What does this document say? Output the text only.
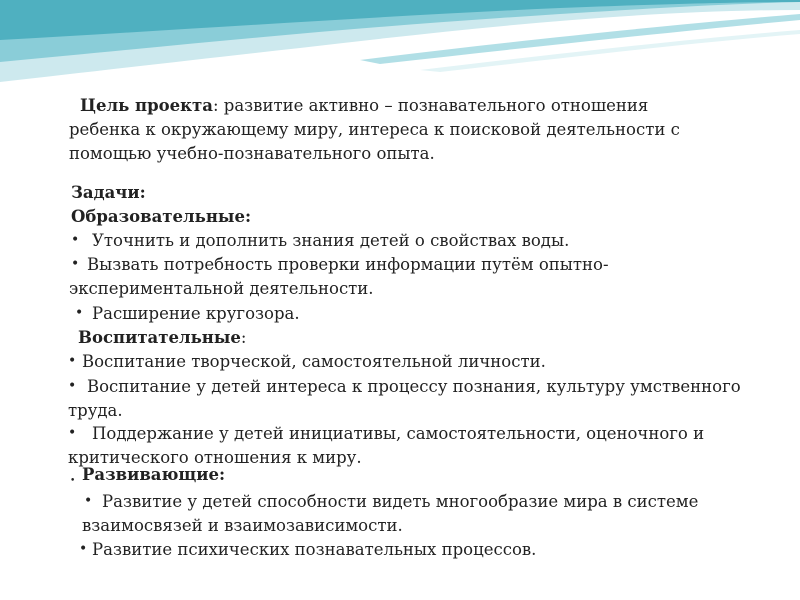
Цель проекта: развитие активно – познавательного отношения
ребенка к окружающему миру, интереса к поисковой деятельности с
помощью учебно-познавательного опыта.
Задачи:
Образовательные:
• Уточнить и дополнить знания детей о свойствах воды.
• Вызвать потребность проверки информации путём опытно-
экспериментальной деятельности.
• Расширение кругозора.
Воспитательные:
• Воспитание творческой, самостоятельной личности.
• Воспитание у детей интереса к процессу познания, культуру умственного
труда.
• Поддержание у детей инициативы, самостоятельности, оценочного и
критического отношения к миру.
• Развивающие:
• Развитие у детей способности видеть многообразие мира в системе
взаимосвязей и взаимозависимости.
• Развитие психических познавательных процессов.
